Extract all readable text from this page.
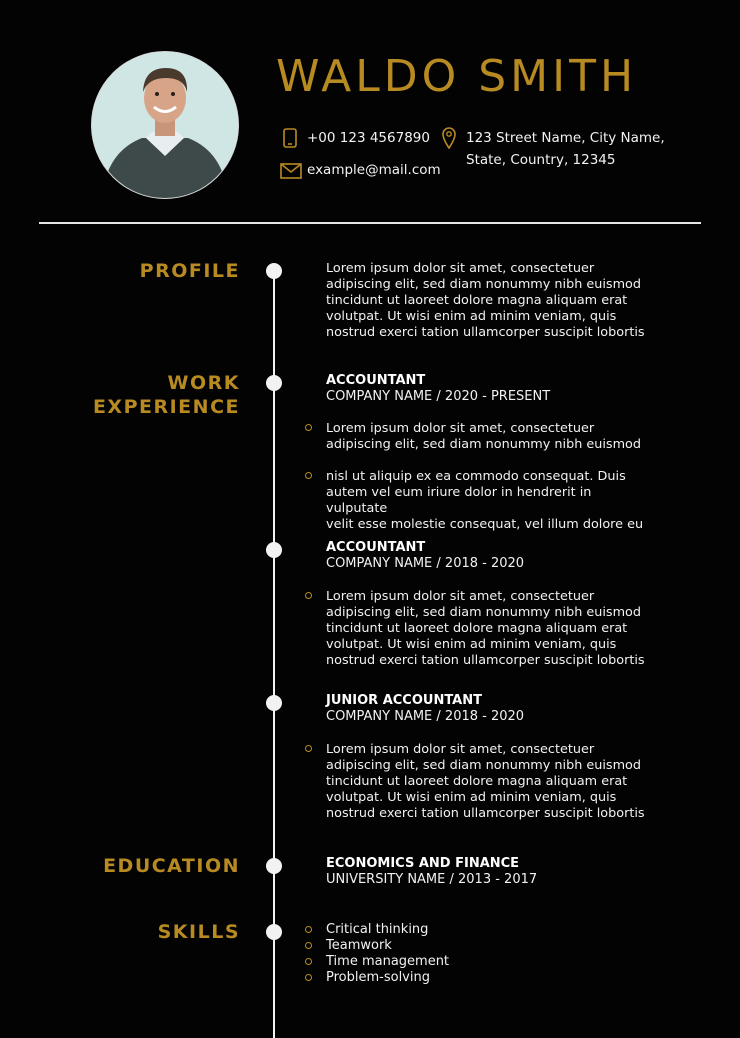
WALDO SMITH
+00 123 4567890
example@mail.com
123 Street Name, City Name,
State, Country, 12345
PROFILE	Lorem ipsum dolor sit amet, consectetuer
adipiscing elit, sed diam nonummy nibh euismod
tincidunt ut laoreet dolore magna aliquam erat
volutpat. Ut wisi enim ad minim veniam, quis
nostrud exerci tation ullamcorper suscipit lobortis
WORK
EXPERIENCE
ACCOUNTANT
COMPANY NAME / 2020 - PRESENT
Lorem ipsum dolor sit amet, consectetuer
adipiscing elit, sed diam nonummy nibh euismod
nisl ut aliquip ex ea commodo consequat. Duis
autem vel eum iriure dolor in hendrerit in vulputate
velit esse molestie consequat, vel illum dolore eu
ACCOUNTANT
COMPANY NAME / 2018 - 2020
Lorem ipsum dolor sit amet, consectetuer
adipiscing elit, sed diam nonummy nibh euismod
tincidunt ut laoreet dolore magna aliquam erat
volutpat. Ut wisi enim ad minim veniam, quis
nostrud exerci tation ullamcorper suscipit lobortis
JUNIOR ACCOUNTANT
COMPANY NAME / 2018 - 2020
Lorem ipsum dolor sit amet, consectetuer
adipiscing elit, sed diam nonummy nibh euismod
tincidunt ut laoreet dolore magna aliquam erat
volutpat. Ut wisi enim ad minim veniam, quis
nostrud exerci tation ullamcorper suscipit lobortis
EDUCATION	ECONOMICS AND FINANCE
UNIVERSITY NAME / 2013 - 2017
SKILLS	Critical thinking
Teamwork
Time management
Problem-solving
